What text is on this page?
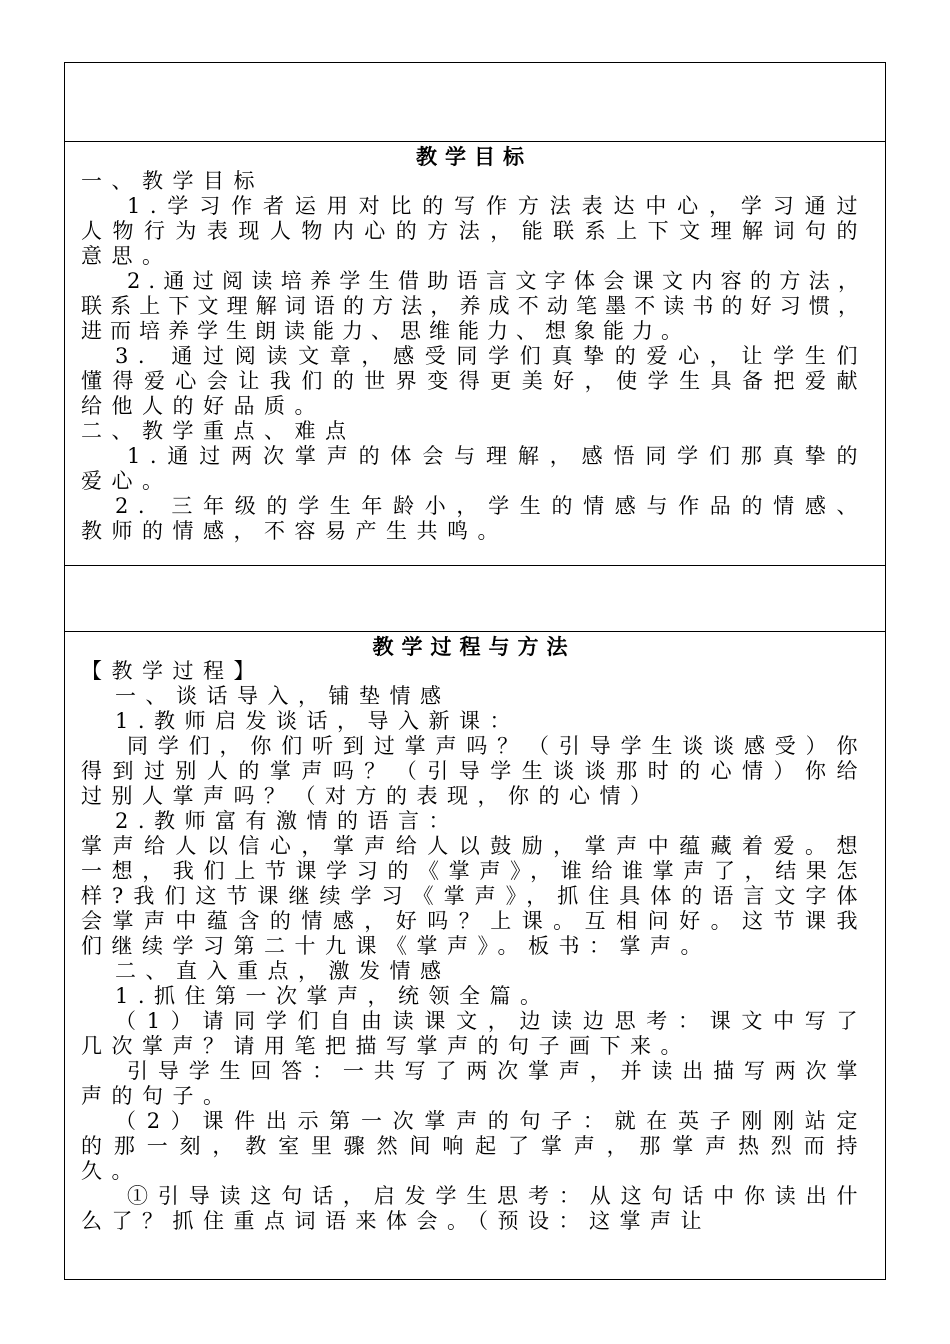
教学目标

一、教学目标

1.学习作者运用对比的写作方法表达中心，学习通过人物行为表现人物内心的方法，能联系上下文理解词句的意思。

2.通过阅读培养学生借助语言文字体会课文内容的方法，联系上下文理解词语的方法，养成不动笔墨不读书的好习惯，进而培养学生朗读能力、思维能力、想象能力。

3. 通过阅读文章，感受同学们真挚的爱心，让学生们懂得爱心会让我们的世界变得更美好，使学生具备把爱献给他人的好品质。

二、教学重点、难点

1.通过两次掌声的体会与理解，感悟同学们那真挚的爱心。

2. 三年级的学生年龄小，学生的情感与作品的情感、教师的情感，不容易产生共鸣。

教学过程与方法

【教学过程】

一、谈话导入，铺垫情感

1.教师启发谈话，导入新课：

同学们，你们听到过掌声吗？（引导学生谈谈感受）你得到过别人的掌声吗？（引导学生谈谈那时的心情）你给过别人掌声吗？（对方的表现，你的心情）

2.教师富有激情的语言：

掌声给人以信心，掌声给人以鼓励，掌声中蕴藏着爱。想一想，我们上节课学习的《掌声》，谁给谁掌声了，结果怎样?我们这节课继续学习《掌声》，抓住具体的语言文字体会掌声中蕴含的情感，好吗？上课。互相问好。这节课我们继续学习第二十九课《掌声》。板书：掌声。

二、直入重点，激发情感

1.抓住第一次掌声，统领全篇。

（1）请同学们自由读课文，边读边思考：课文中写了几次掌声？请用笔把描写掌声的句子画下来。

引导学生回答：一共写了两次掌声，并读出描写两次掌声的句子。

（2）课件出示第一次掌声的句子：就在英子刚刚站定的那一刻，教室里骤然间响起了掌声，那掌声热烈而持久。

①引导读这句话，启发学生思考：从这句话中你读出什么了？抓住重点词语来体会。（预设：这掌声让
